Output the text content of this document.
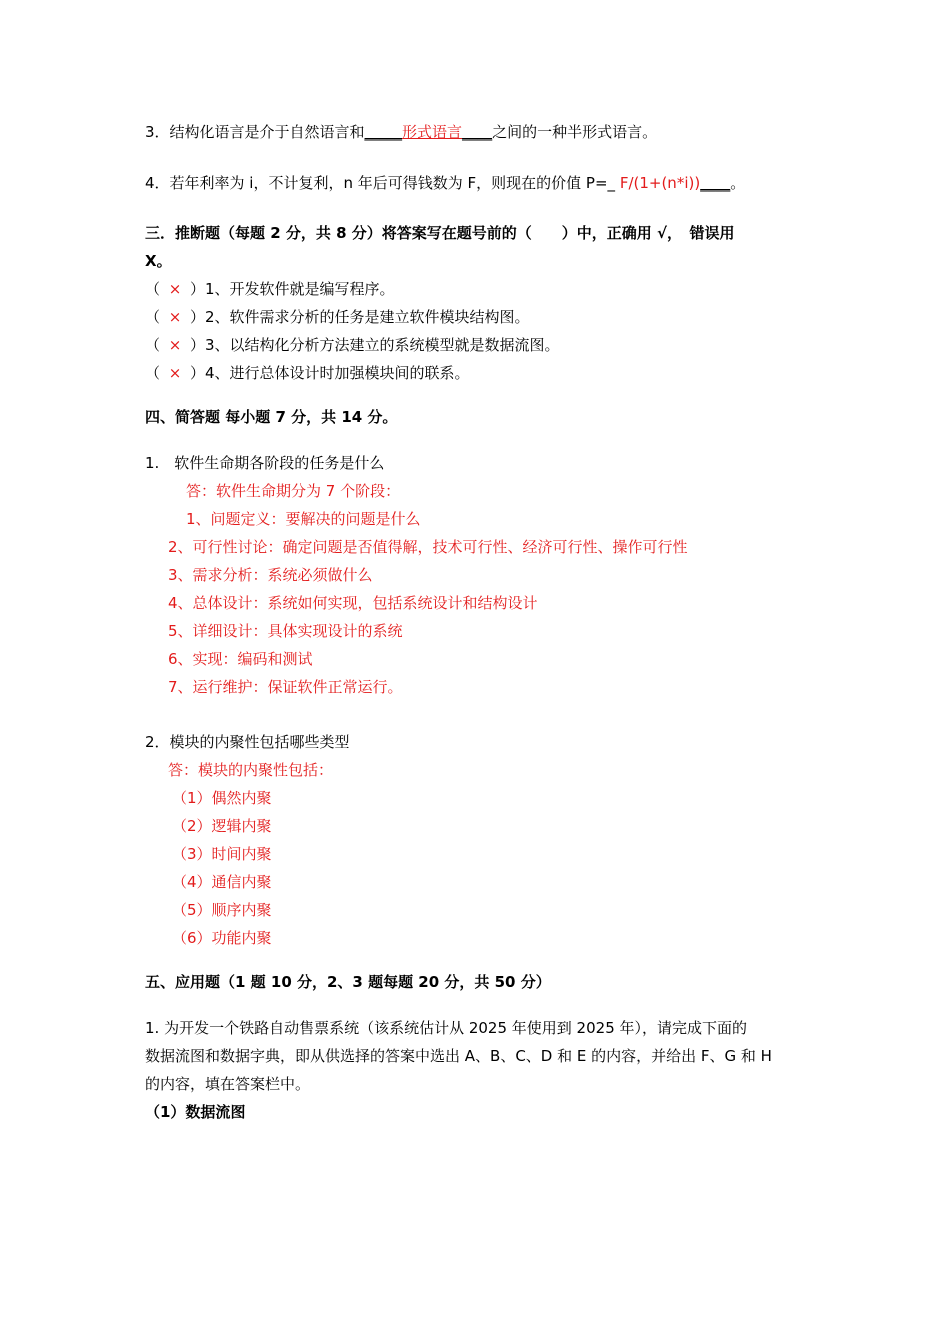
3．结构化语言是介于自然语言和_____形式语言____之间的一种半形式语言。
4．若年利率为 i，不计复利，n 年后可得钱数为 F，则现在的价值 P=_ F/(1+(n*i))____。
三．推断题（每题 2 分，共 8 分）将答案写在题号前的（　　）中，正确用 √，　错误用
X。
（ × ）1、开发软件就是编写程序。
（ × ）2、软件需求分析的任务是建立软件模块结构图。
（ × ）3、以结构化分析方法建立的系统模型就是数据流图。
（ × ）4、进行总体设计时加强模块间的联系。
四、简答题 每小题 7 分，共 14 分。
1.　软件生命期各阶段的任务是什么
答：软件生命期分为 7 个阶段：
1、问题定义：要解决的问题是什么
2、可行性讨论：确定问题是否值得解，技术可行性、经济可行性、操作可行性
3、需求分析：系统必须做什么
4、总体设计：系统如何实现，包括系统设计和结构设计
5、详细设计：具体实现设计的系统
6、实现：编码和测试
7、运行维护：保证软件正常运行。
2．模块的内聚性包括哪些类型
答：模块的内聚性包括：
（1）偶然内聚
（2）逻辑内聚
（3）时间内聚
（4）通信内聚
（5）顺序内聚
（6）功能内聚
五、应用题（1 题 10 分，2、3 题每题 20 分，共 50 分）
1. 为开发一个铁路自动售票系统（该系统估计从 2025 年使用到 2025 年），请完成下面的
数据流图和数据字典，即从供选择的答案中选出 A、B、C、D 和 E 的内容，并给出 F、G 和 H
的内容，填在答案栏中。
（1）数据流图
